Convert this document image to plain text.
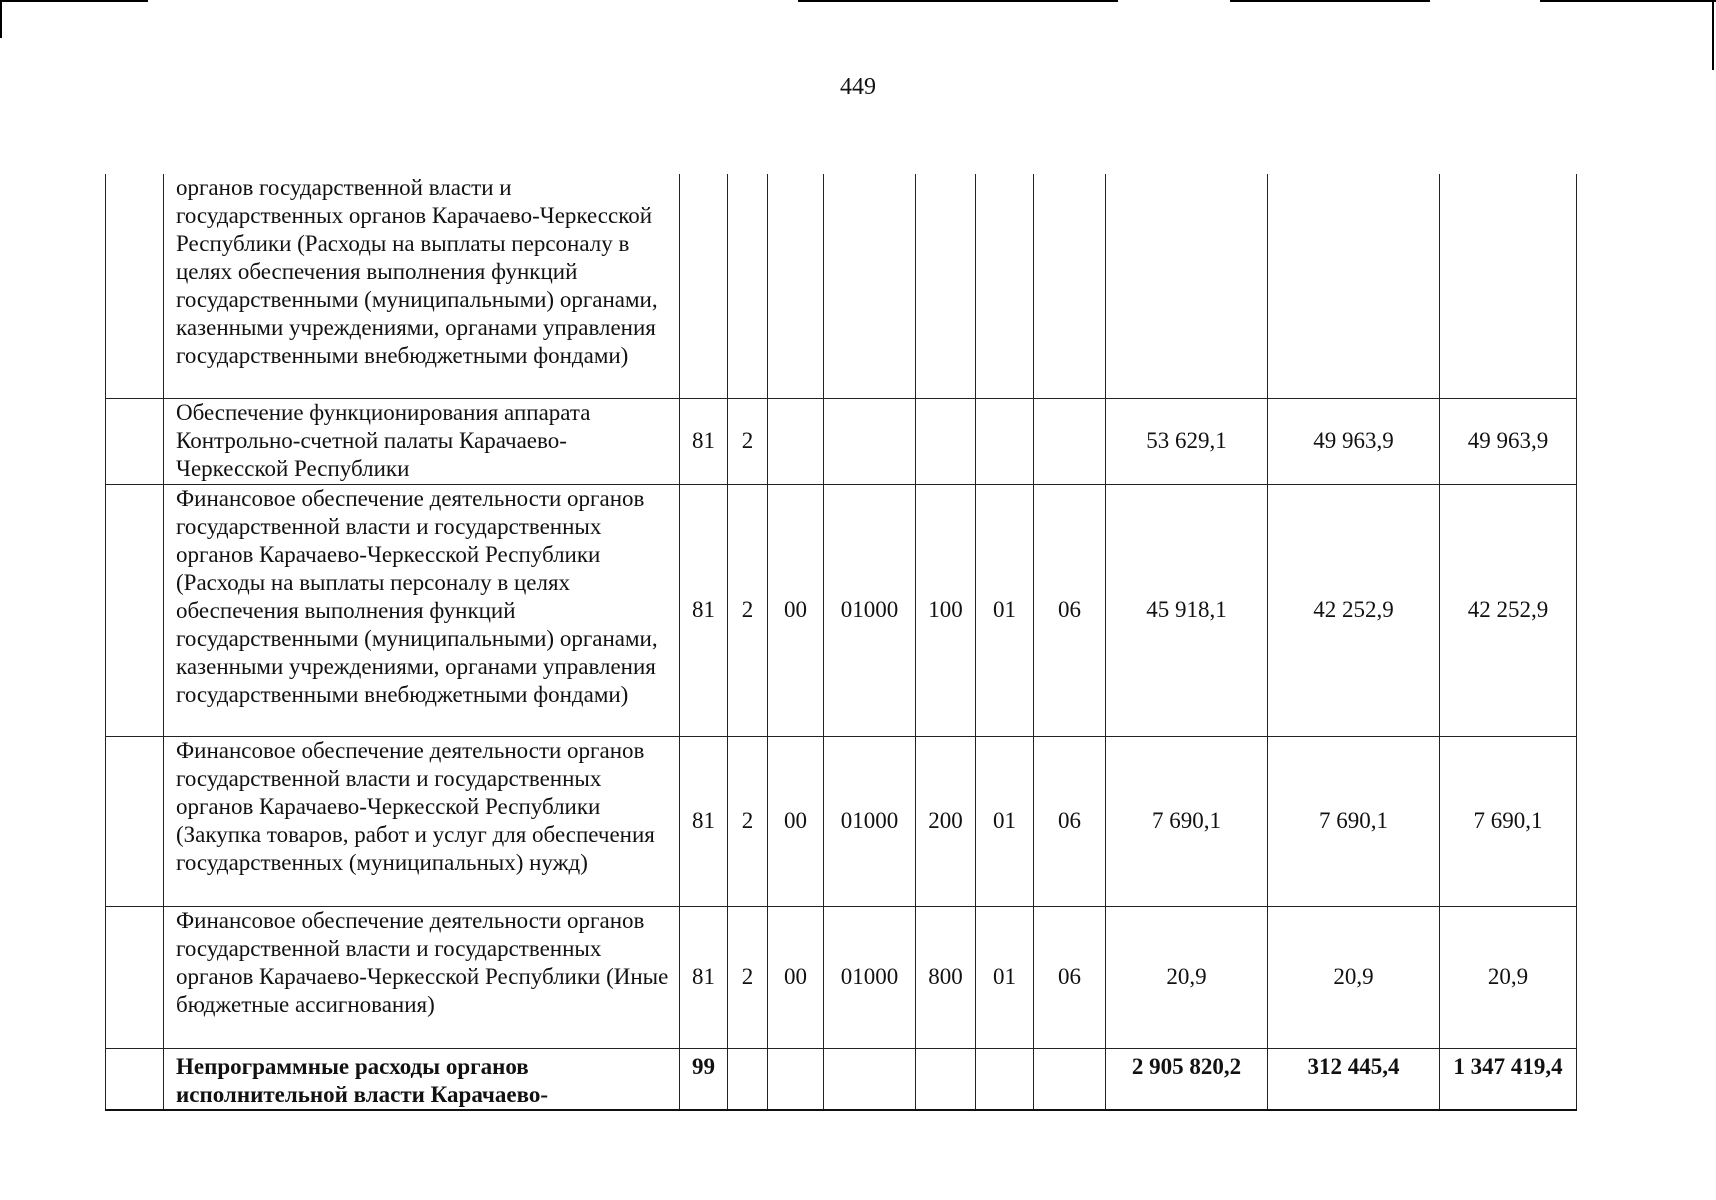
449
	органов государственной власти и государственных органов Карачаево-Черкесской Республики (Расходы на выплаты персоналу в целях обеспечения выполнения функций государственными (муниципальными) органами, казенными учреждениями, органами управления государственными внебюджетными фондами)										
	Обеспечение функционирования аппарата Контрольно-счетной палаты Карачаево-Черкесской Республики	81	2						53 629,1	49 963,9	49 963,9
	Финансовое обеспечение деятельности органов государственной власти и государственных органов Карачаево-Черкесской Республики (Расходы на выплаты персоналу в целях обеспечения выполнения функций государственными (муниципальными) органами, казенными учреждениями, органами управления государственными внебюджетными фондами)	81	2	00	01000	100	01	06	45 918,1	42 252,9	42 252,9
	Финансовое обеспечение деятельности органов государственной власти и государственных органов Карачаево-Черкесской Республики (Закупка товаров, работ и услуг для обеспечения государственных (муниципальных) нужд)	81	2	00	01000	200	01	06	7 690,1	7 690,1	7 690,1
	Финансовое обеспечение деятельности органов государственной власти и государственных органов Карачаево-Черкесской Республики (Иные бюджетные ассигнования)	81	2	00	01000	800	01	06	20,9	20,9	20,9
	Непрограммные расходы органов исполнительной власти Карачаево-	99							2 905 820,2	312 445,4	1 347 419,4
